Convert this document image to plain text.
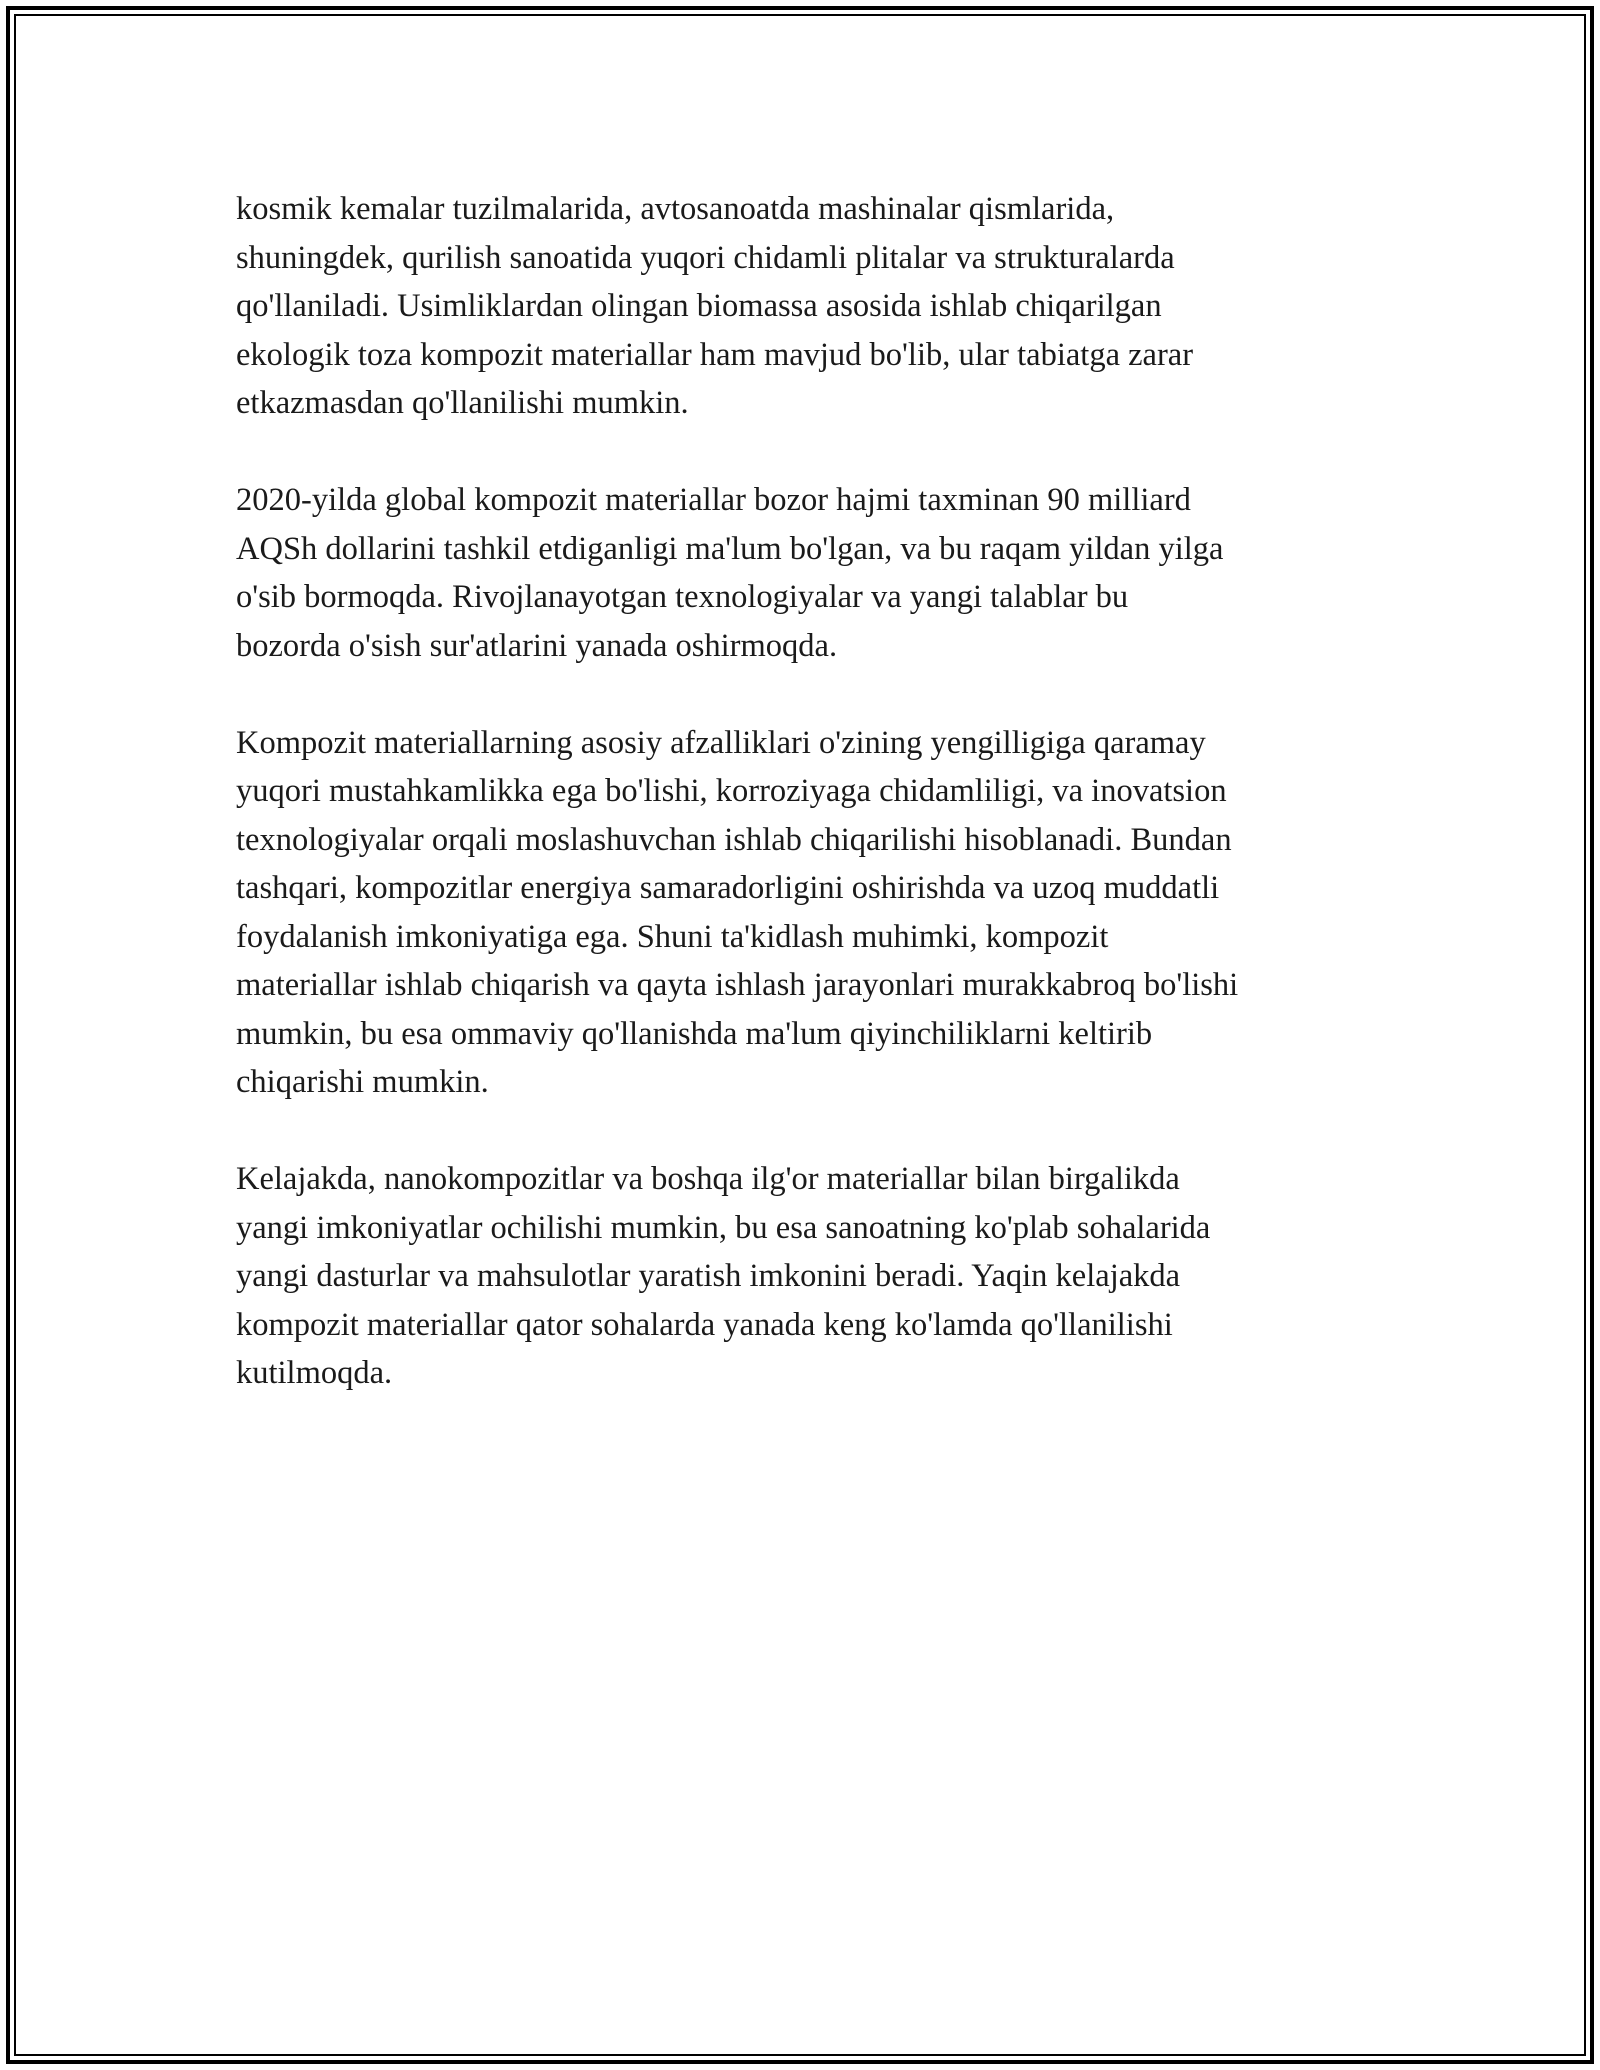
kosmik kemalar tuzilmalarida, avtosanoatda mashinalar qismlarida,
shuningdek, qurilish sanoatida yuqori chidamli plitalar va strukturalarda
qo'llaniladi. Usimliklardan olingan biomassa asosida ishlab chiqarilgan
ekologik toza kompozit materiallar ham mavjud bo'lib, ular tabiatga zarar
etkazmasdan qo'llanilishi mumkin.

2020-yilda global kompozit materiallar bozor hajmi taxminan 90 milliard
AQSh dollarini tashkil etdiganligi ma'lum bo'lgan, va bu raqam yildan yilga
o'sib bormoqda. Rivojlanayotgan texnologiyalar va yangi talablar bu
bozorda o'sish sur'atlarini yanada oshirmoqda.

Kompozit materiallarning asosiy afzalliklari o'zining yengilligiga qaramay
yuqori mustahkamlikka ega bo'lishi, korroziyaga chidamliligi, va inovatsion
texnologiyalar orqali moslashuvchan ishlab chiqarilishi hisoblanadi. Bundan
tashqari, kompozitlar energiya samaradorligini oshirishda va uzoq muddatli
foydalanish imkoniyatiga ega. Shuni ta'kidlash muhimki, kompozit
materiallar ishlab chiqarish va qayta ishlash jarayonlari murakkabroq bo'lishi
mumkin, bu esa ommaviy qo'llanishda ma'lum qiyinchiliklarni keltirib
chiqarishi mumkin.

Kelajakda, nanokompozitlar va boshqa ilg'or materiallar bilan birgalikda
yangi imkoniyatlar ochilishi mumkin, bu esa sanoatning ko'plab sohalarida
yangi dasturlar va mahsulotlar yaratish imkonini beradi. Yaqin kelajakda
kompozit materiallar qator sohalarda yanada keng ko'lamda qo'llanilishi
kutilmoqda.
